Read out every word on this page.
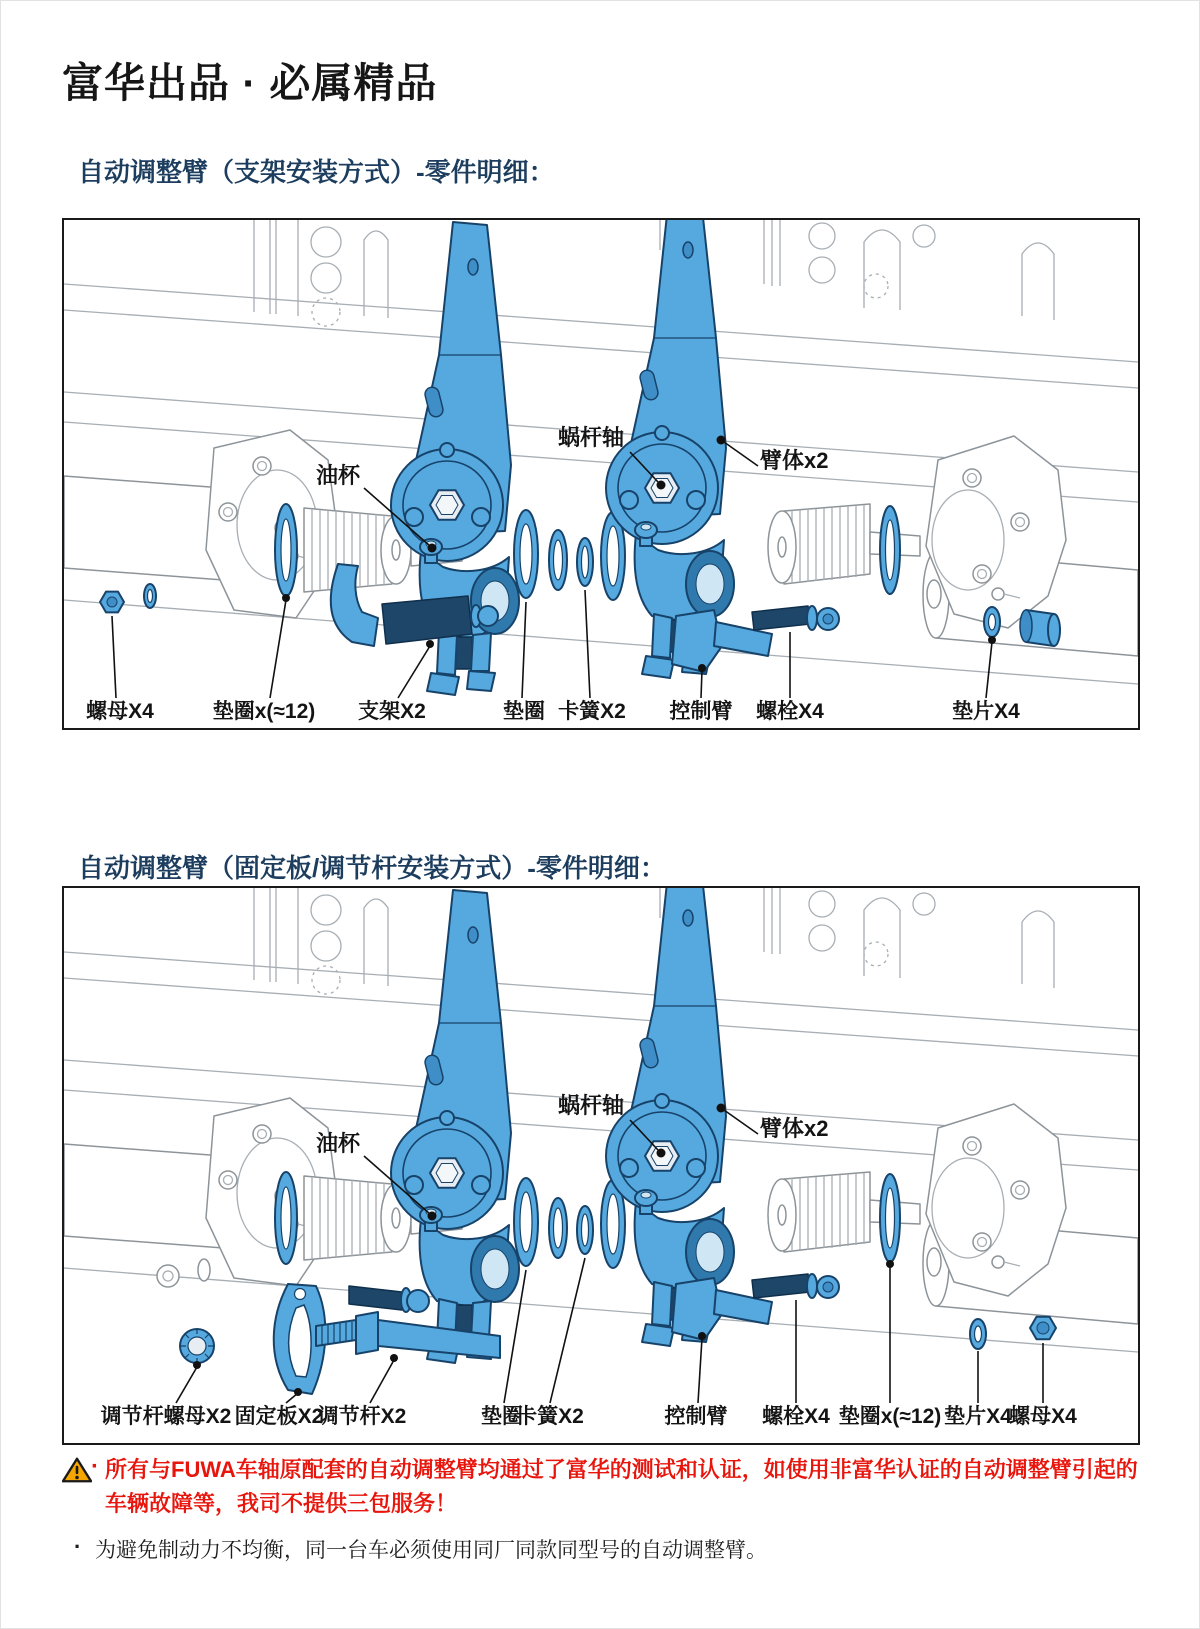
富华出品 · 必属精品
自动调整臂（支架安装方式）-零件明细：
油杯
蜗杆轴
臂体x2
螺母X4	垫圈x(≈12) 支架X2	垫圈 卡簧X2 控制臂 螺栓X4	垫片X4
自动调整臂（固定板/调节杆安装方式）-零件明细：
油杯
蜗杆轴
臂体x2
调节杆螺母X2 固定板X2
调节杆X2	垫圈
卡簧X2	控制臂 螺栓X4 垫圈x(≈12) 垫片X4
螺母X4
· 所有与FUWA车轴原配套的自动调整臂均通过了富华的测试和认证，如使用非富华认证的自动调整臂引起的
车辆故障等，我司不提供三包服务！
· 为避免制动力不均衡，同一台车必须使用同厂同款同型号的自动调整臂。
